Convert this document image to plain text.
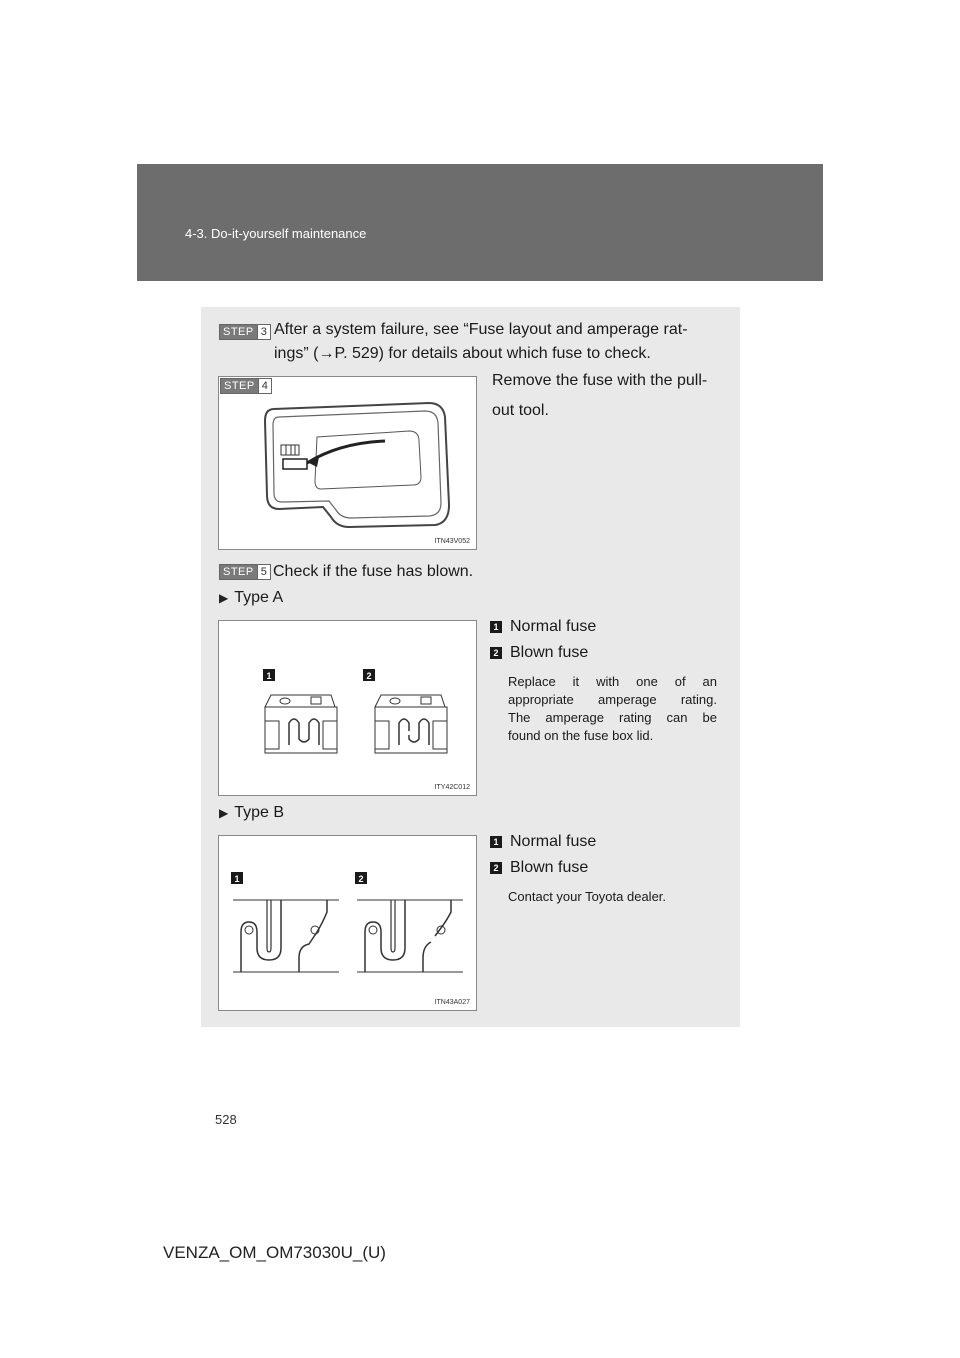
4-3. Do-it-yourself maintenance
STEP 3 After a system failure, see “Fuse layout and amperage rat-
ings” (→P. 529) for details about which fuse to check.
STEP 4
ITN43V052
Remove the fuse with the pull-
out tool.
STEP 5 Check if the fuse has blown.
▶ Type A
1	2
ITY42C012
1 Normal fuse
2 Blown fuse
Replace it with one of an
appropriate amperage rating.
The amperage rating can be
found on the fuse box lid.
▶ Type B
1	2
ITN43A027
1 Normal fuse
2 Blown fuse
Contact your Toyota dealer.
528
VENZA_OM_OM73030U_(U)
